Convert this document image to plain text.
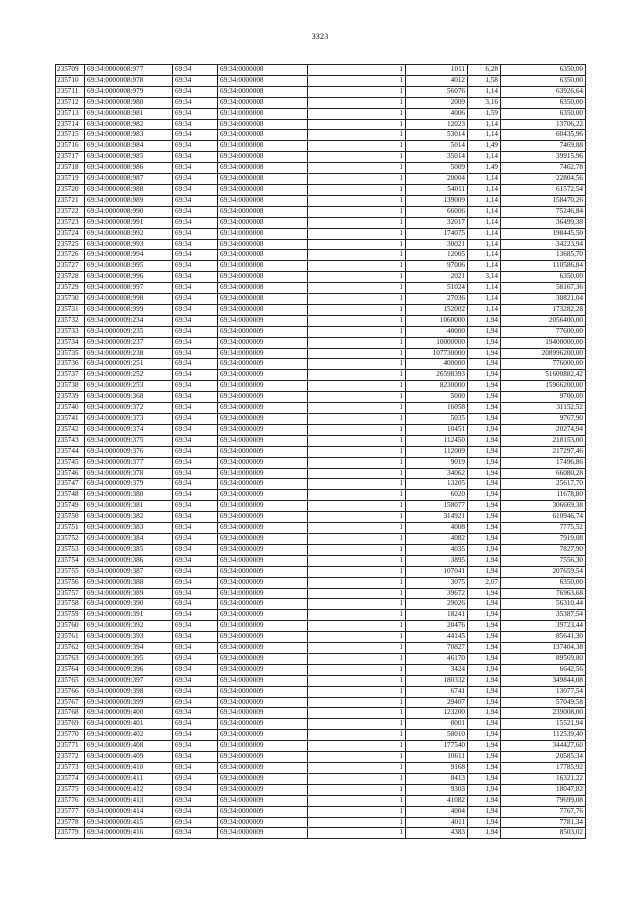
3323
235709	69:34:0000008:977	69:34	69:34:0000008	1	1011	6,28	6350,00
235710	69:34:0000008:978	69:34	69:34:0000008	1	4012	1,58	6350,00
235711	69:34:0000008:979	69:34	69:34:0000008	1	56076	1,14	63926,64
235712	69:34:0000008:980	69:34	69:34:0000008	1	2009	3,16	6350,00
235713	69:34:0000008:981	69:34	69:34:0000008	1	4006	1,59	6350,00
235714	69:34:0000008:982	69:34	69:34:0000008	1	12023	1,14	13706,22
235715	69:34:0000008:983	69:34	69:34:0000008	1	53014	1,14	60435,96
235716	69:34:0000008:984	69:34	69:34:0000008	1	5014	1,49	7469,88
235717	69:34:0000008:985	69:34	69:34:0000008	1	35014	1,14	39915,96
235718	69:34:0000008:986	69:34	69:34:0000008	1	5009	1,49	7462,78
235719	69:34:0000008:987	69:34	69:34:0000008	1	20004	1,14	22804,56
235720	69:34:0000008:988	69:34	69:34:0000008	1	54011	1,14	61572,54
235721	69:34:0000008:989	69:34	69:34:0000008	1	139009	1,14	158470,26
235722	69:34:0000008:990	69:34	69:34:0000008	1	66006	1,14	75246,84
235723	69:34:0000008:991	69:34	69:34:0000008	1	32017	1,14	36499,38
235724	69:34:0000008:992	69:34	69:34:0000008	1	174075	1,14	198445,50
235725	69:34:0000008:993	69:34	69:34:0000008	1	30021	1,14	34223,94
235726	69:34:0000008:994	69:34	69:34:0000008	1	12005	1,14	13685,70
235727	69:34:0000008:995	69:34	69:34:0000008	1	97006	1,14	110586,84
235728	69:34:0000008:996	69:34	69:34:0000008	1	2021	3,14	6350,00
235729	69:34:0000008:997	69:34	69:34:0000008	1	51024	1,14	58167,36
235730	69:34:0000008:998	69:34	69:34:0000008	1	27036	1,14	30821,04
235731	69:34:0000008:999	69:34	69:34:0000008	1	152002	1,14	173282,28
235732	69:34:0000009:234	69:34	69:34:0000009	1	1060000	1,94	2056400,00
235733	69:34:0000009:235	69:34	69:34:0000009	1	40000	1,94	77600,00
235734	69:34:0000009:237	69:34	69:34:0000009	1	10000000	1,94	19400000,00
235735	69:34:0000009:238	69:34	69:34:0000009	1	107730000	1,94	208996200,00
235736	69:34:0000009:251	69:34	69:34:0000009	1	400000	1,94	776000,00
235737	69:34:0000009:252	69:34	69:34:0000009	1	26598393	1,94	51600882,42
235738	69:34:0000009:253	69:34	69:34:0000009	1	8230000	1,94	15966200,00
235739	69:34:0000009:368	69:34	69:34:0000009	1	5000	1,94	9700,00
235740	69:34:0000009:372	69:34	69:34:0000009	1	16058	1,94	31152,52
235741	69:34:0000009:373	69:34	69:34:0000009	1	5035	1,94	9767,90
235742	69:34:0000009:374	69:34	69:34:0000009	1	10451	1,94	20274,94
235743	69:34:0000009:375	69:34	69:34:0000009	1	112450	1,94	218153,00
235744	69:34:0000009:376	69:34	69:34:0000009	1	112009	1,94	217297,46
235745	69:34:0000009:377	69:34	69:34:0000009	1	9019	1,94	17496,86
235746	69:34:0000009:378	69:34	69:34:0000009	1	34062	1,94	66080,28
235747	69:34:0000009:379	69:34	69:34:0000009	1	13205	1,94	25617,70
235748	69:34:0000009:380	69:34	69:34:0000009	1	6020	1,94	11678,80
235749	69:34:0000009:381	69:34	69:34:0000009	1	158077	1,94	306669,38
235750	69:34:0000009:382	69:34	69:34:0000009	1	314921	1,94	610946,74
235751	69:34:0000009:383	69:34	69:34:0000009	1	4008	1,94	7775,52
235752	69:34:0000009:384	69:34	69:34:0000009	1	4082	1,94	7919,08
235753	69:34:0000009:385	69:34	69:34:0000009	1	4035	1,94	7827,90
235754	69:34:0000009:386	69:34	69:34:0000009	1	3895	1,94	7556,30
235755	69:34:0000009:387	69:34	69:34:0000009	1	107041	1,94	207659,54
235756	69:34:0000009:388	69:34	69:34:0000009	1	3075	2,07	6350,00
235757	69:34:0000009:389	69:34	69:34:0000009	1	39672	1,94	76963,68
235758	69:34:0000009:390	69:34	69:34:0000009	1	29026	1,94	56310,44
235759	69:34:0000009:391	69:34	69:34:0000009	1	18241	1,94	35387,54
235760	69:34:0000009:392	69:34	69:34:0000009	1	20476	1,94	39723,44
235761	69:34:0000009:393	69:34	69:34:0000009	1	44145	1,94	85641,30
235762	69:34:0000009:394	69:34	69:34:0000009	1	70827	1,94	137404,38
235763	69:34:0000009:395	69:34	69:34:0000009	1	46170	1,94	89569,80
235764	69:34:0000009:396	69:34	69:34:0000009	1	3424	1,94	6642,56
235765	69:34:0000009:397	69:34	69:34:0000009	1	180332	1,94	349844,08
235766	69:34:0000009:398	69:34	69:34:0000009	1	6741	1,94	13077,54
235767	69:34:0000009:399	69:34	69:34:0000009	1	29407	1,94	57049,58
235768	69:34:0000009:400	69:34	69:34:0000009	1	123200	1,94	239008,00
235769	69:34:0000009:401	69:34	69:34:0000009	1	8001	1,94	15521,94
235770	69:34:0000009:402	69:34	69:34:0000009	1	58010	1,94	112539,40
235771	69:34:0000009:408	69:34	69:34:0000009	1	177540	1,94	344427,60
235772	69:34:0000009:409	69:34	69:34:0000009	1	10611	1,94	20585,34
235773	69:34:0000009:410	69:34	69:34:0000009	1	9168	1,94	17785,92
235774	69:34:0000009:411	69:34	69:34:0000009	1	8413	1,94	16321,22
235775	69:34:0000009:412	69:34	69:34:0000009	1	9303	1,94	18047,82
235776	69:34:0000009:413	69:34	69:34:0000009	1	41082	1,94	79699,08
235777	69:34:0000009:414	69:34	69:34:0000009	1	4004	1,94	7767,76
235778	69:34:0000009:415	69:34	69:34:0000009	1	4011	1,94	7781,34
235779	69:34:0000009:416	69:34	69:34:0000009	1	4383	1,94	8503,02
